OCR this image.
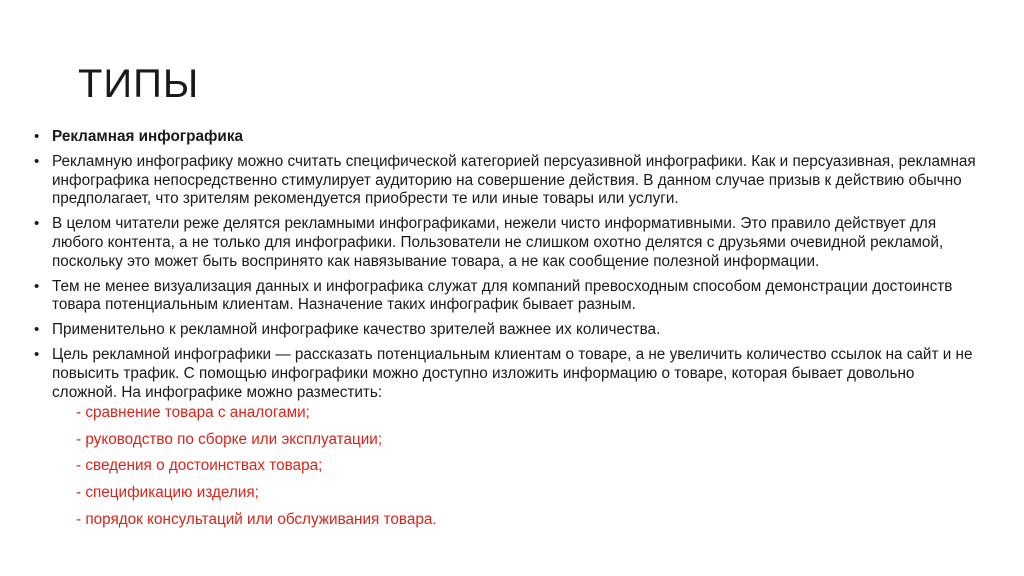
ТИПЫ
• Рекламная инфографика
• Рекламную инфографику можно считать специфической категорией персуазивной инфографики. Как и персуазивная, рекламная инфографика непосредственно стимулирует аудиторию на совершение действия. В данном случае призыв к действию обычно предполагает, что зрителям рекомендуется приобрести те или иные товары или услуги.
• В целом читатели реже делятся рекламными инфографиками, нежели чисто информативными. Это правило действует для любого контента, а не только для инфографики. Пользователи не слишком охотно делятся с друзьями очевидной рекламой, поскольку это может быть воспринято как навязывание товара, а не как сообщение полезной информации.
• Тем не менее визуализация данных и инфографика служат для компаний превосходным способом демонстрации достоинств товара потенциальным клиентам. Назначение таких инфографик бывает разным.
• Применительно к рекламной инфографике качество зрителей важнее их количества.
• Цель рекламной инфографики — рассказать потенциальным клиентам о товаре, а не увеличить количество ссылок на сайт и не повысить трафик. С помощью инфографики можно доступно изложить информацию о товаре, которая бывает довольно сложной. На инфографике можно разместить:
- сравнение товара с аналогами;
- руководство по сборке или эксплуатации;
- сведения о достоинствах товара;
- спецификацию изделия;
- порядок консультаций или обслуживания товара.
